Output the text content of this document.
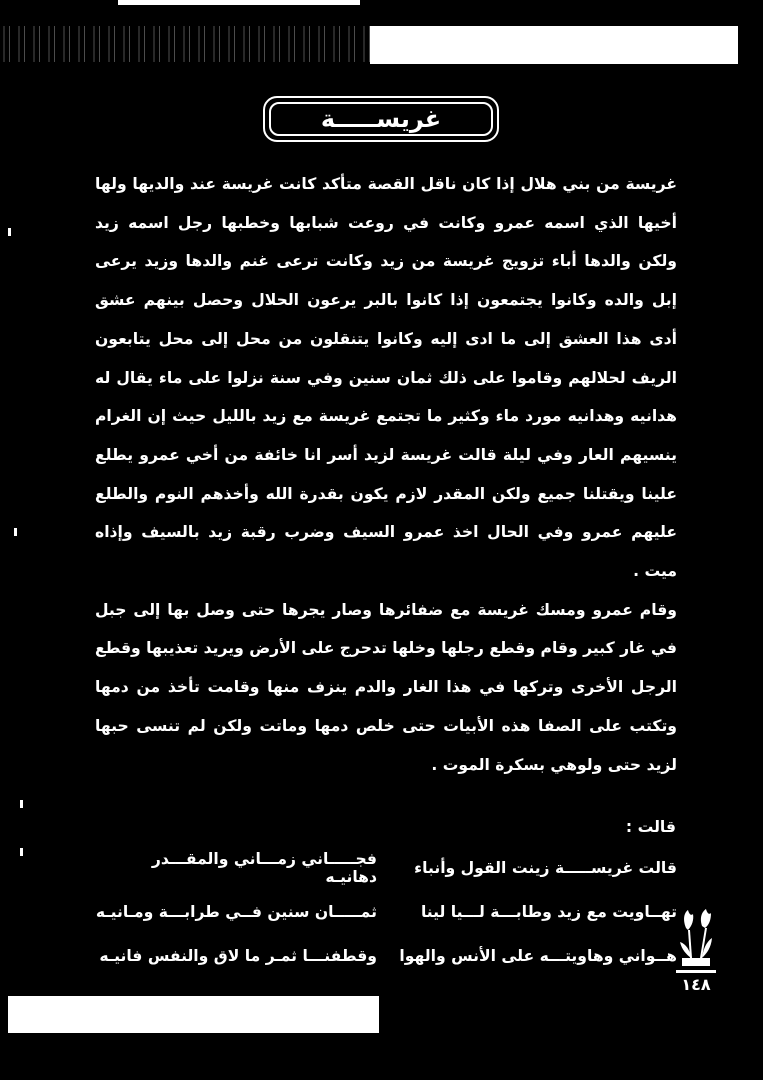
غريســـــة

غريسة من بني هلال إذا كان ناقل القصة متأكد كانت غريسة عند والديها ولها أخيها الذي اسمه عمرو وكانت في روعت شبابها وخطبها رجل اسمه زيد ولكن والدها أباء تزويج غريسة من زيد وكانت ترعى غنم والدها وزيد يرعى إبل والده وكانوا يجتمعون إذا كانوا بالبر يرعون الحلال وحصل بينهم عشق أدى هذا العشق إلى ما ادى إليه وكانوا يتنقلون من محل إلى محل يتابعون الريف لحلالهم وقاموا على ذلك ثمان سنين وفي سنة نزلوا على ماء يقال له هدانيه وهدانيه مورد ماء وكثير ما تجتمع غريسة مع زيد بالليل حيث إن الغرام ينسيهم العار وفي ليلة قالت غريسة لزيد أسر انا خائفة من أخي عمرو يطلع علينا ويقتلنا جميع ولكن المقدر لازم يكون بقدرة الله وأخذهم النوم والطلع عليهم عمرو وفي الحال اخذ عمرو السيف وضرب رقبة زيد بالسيف وإذاه ميت .

وقام عمرو ومسك غريسة مع ضفائرها وصار يجرها حتى وصل بها إلى جبل في غار كبير وقام وقطع رجلها وخلها تدحرج على الأرض ويريد تعذيبها وقطع الرجل الأخرى وتركها في هذا الغار والدم ينزف منها وقامت تأخذ من دمها وتكتب على الصفا هذه الأبيات حتى خلص دمها وماتت ولكن لم تنسى حبها لزيد حتى ولوهي بسكرة الموت .

قالت :
قالت غريســـــة زينت القول وأنباء
فجـــــاني زمـــاني والمقـــدر دهانيـه
تهــاويت مع زيد وطابـــة لـــيا لينا
ثمـــــان سنين فــي طرابـــة ومـانيـه
هــواني وهاويتـــه على الأنس والهوا
وقطفنـــا ثمـر ما لاق والنفس فانيـه
١٤٨
